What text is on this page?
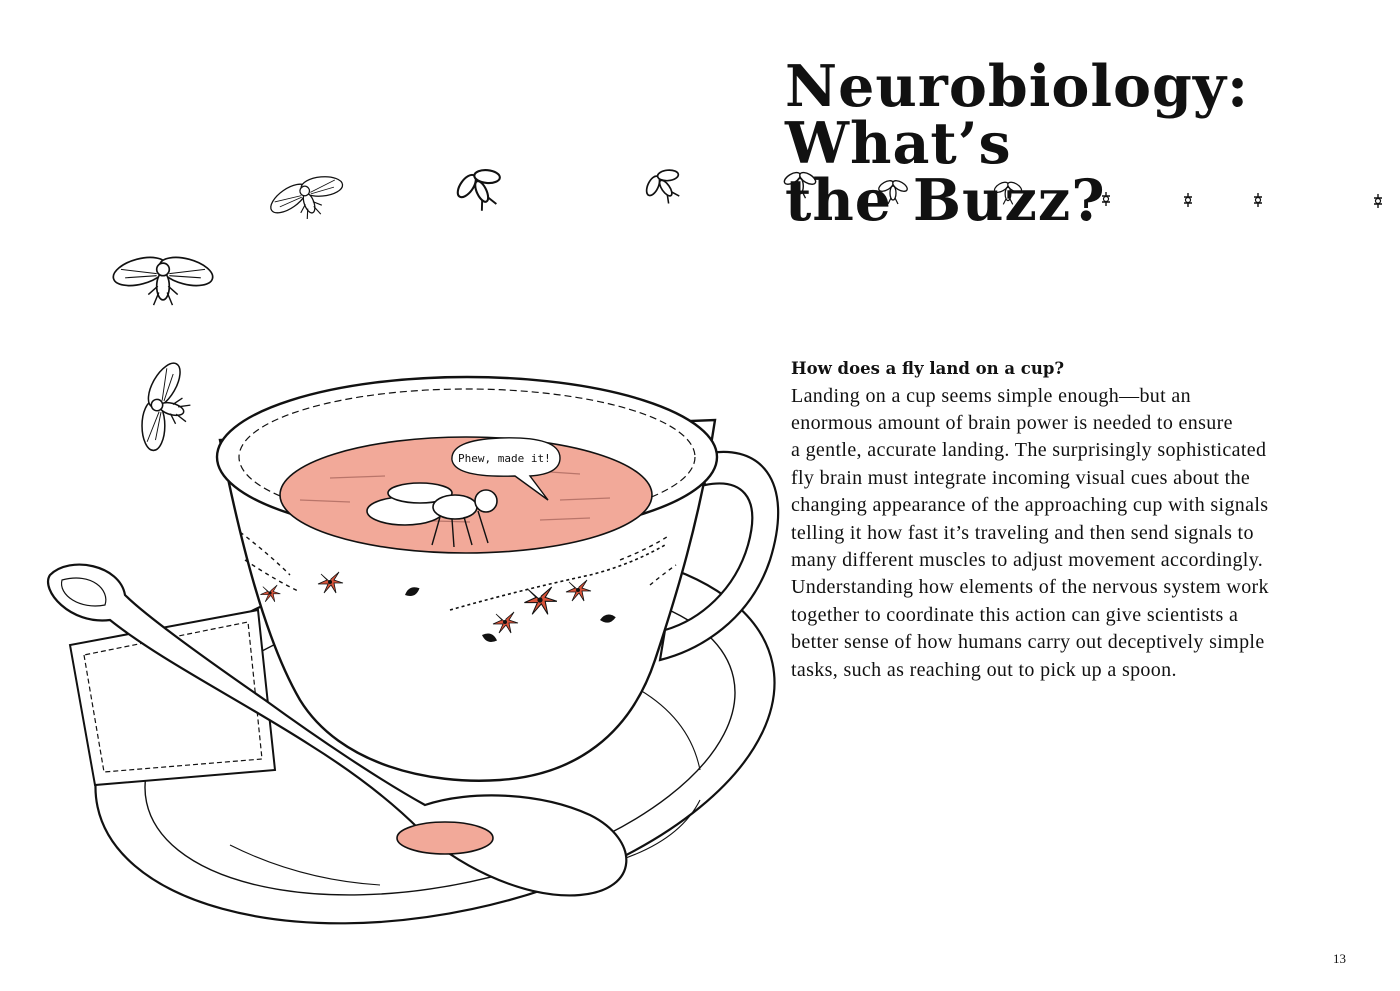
Phew, made it!
Neurobiology:
What’s
the Buzz?
How does a fly land on a cup?
Landing on a cup seems simple enough—but an
enormous amount of brain power is needed to ensure
a gentle, accurate landing. The surprisingly sophisticated
fly brain must integrate incoming visual cues about the
changing appearance of the approaching cup with signals
telling it how fast it’s traveling and then send signals to
many different muscles to adjust movement accordingly.
Understanding how elements of the nervous system work
together to coordinate this action can give scientists a
better sense of how humans carry out deceptively simple
tasks, such as reaching out to pick up a spoon.
13
